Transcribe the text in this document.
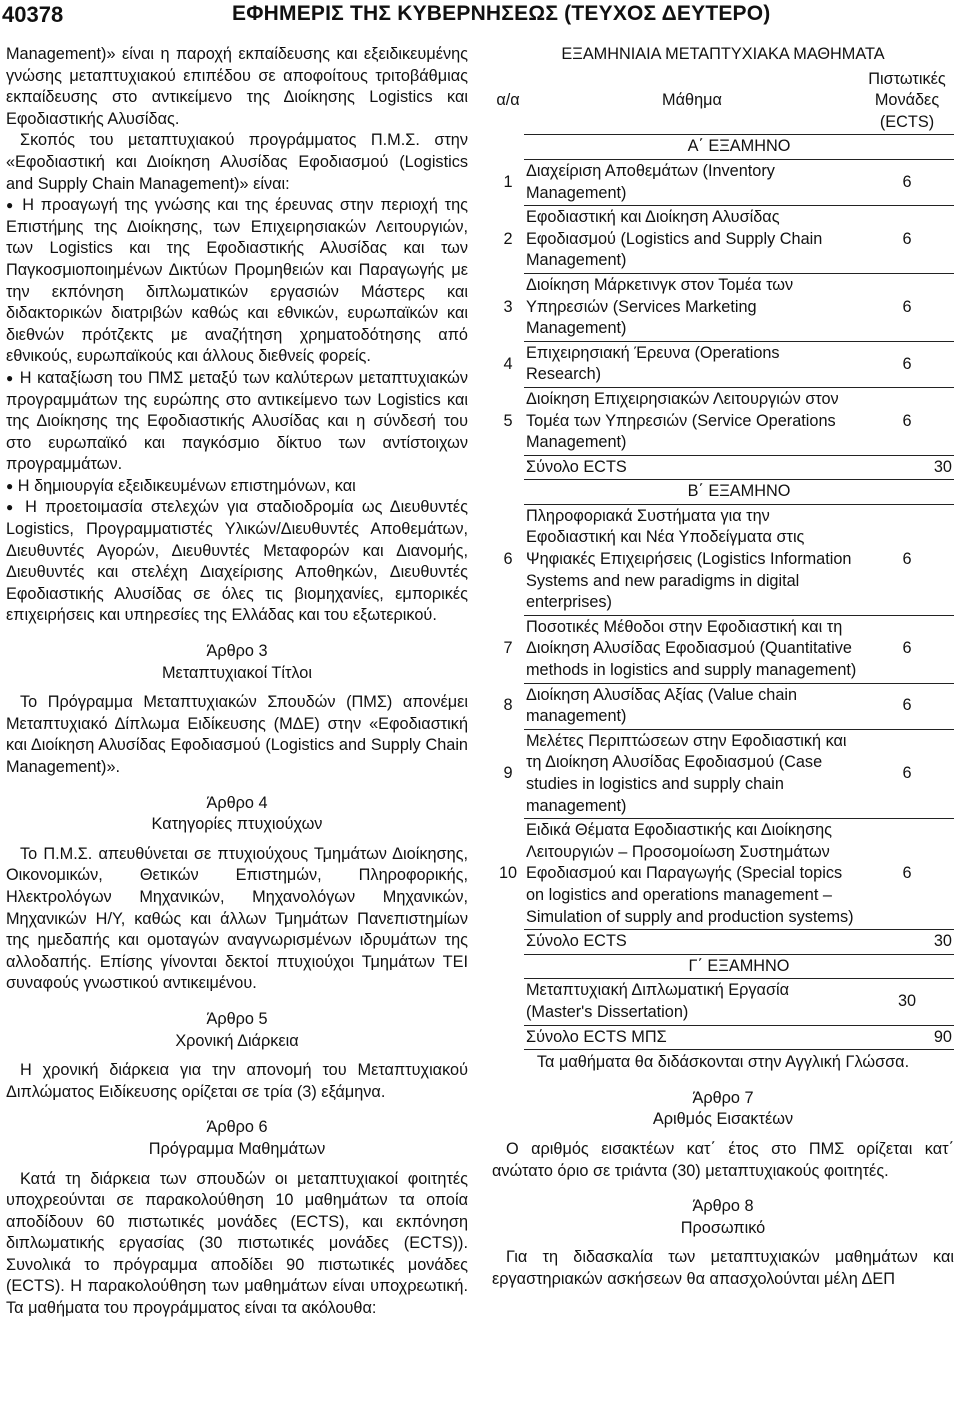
40378	ΕΦΗΜΕΡΙΣ ΤΗΣ ΚΥΒΕΡΝΗΣΕΩΣ (ΤΕΥΧΟΣ ΔΕΥΤΕΡΟ)

Management)» είναι η παροχή εκπαίδευσης και εξειδικευμένης γνώσης μεταπτυχιακού επιπέδου σε αποφοίτους τριτοβάθμιας εκπαίδευσης στο αντικείμενο της Διοίκησης Logistics και Εφοδιαστικής Αλυσίδας.

Σκοπός του μεταπτυχιακού προγράμματος Π.Μ.Σ. στην «Εφοδιαστική και Διοίκηση Αλυσίδας Εφοδιασμού (Logistics and Supply Chain Management)» είναι:

● Η προαγωγή της γνώσης και της έρευνας στην περιοχή της Επιστήμης της Διοίκησης, των Επιχειρησιακών Λειτουργιών, των Logistics και της Εφοδιαστικής Αλυσίδας και των Παγκοσμιοποιημένων Δικτύων Προμηθειών και Παραγωγής με την εκπόνηση διπλωματικών εργασιών Μάστερς και διδακτορικών διατριβών καθώς και εθνικών, ευρωπαϊκών και διεθνών πρότζεκτς με αναζήτηση χρηματοδότησης από εθνικούς, ευρωπαϊκούς και άλλους διεθνείς φορείς.

● Η καταξίωση του ΠΜΣ μεταξύ των καλύτερων μεταπτυχιακών προγραμμάτων της ευρώπης στο αντικείμενο των Logistics και της Διοίκησης της Εφοδιαστικής Αλυσίδας και η σύνδεσή του στο ευρωπαϊκό και παγκόσμιο δίκτυο των αντίστοιχων προγραμμάτων.

● Η δημιουργία εξειδικευμένων επιστημόνων, και

● Η προετοιμασία στελεχών για σταδιοδρομία ως Διευθυντές Logistics, Προγραμματιστές Υλικών/Διευθυντές Αποθεμάτων, Διευθυντές Αγορών, Διευθυντές Μεταφορών και Διανομής, Διευθυντές και στελέχη Διαχείρισης Αποθηκών, Διευθυντές Εφοδιαστικής Αλυσίδας σε όλες τις βιομηχανίες, εμπορικές επιχειρήσεις και υπηρεσίες της Ελλάδας και του εξωτερικού.

Άρθρο 3

Μεταπτυχιακοί Τίτλοι

Το Πρόγραμμα Μεταπτυχιακών Σπουδών (ΠΜΣ) απονέμει Μεταπτυχιακό Δίπλωμα Ειδίκευσης (ΜΔΕ) στην «Εφοδιαστική και Διοίκηση Αλυσίδας Εφοδιασμού (Logistics and Supply Chain Management)».

Άρθρο 4

Κατηγορίες πτυχιούχων

Το Π.Μ.Σ. απευθύνεται σε πτυχιούχους Τμημάτων Διοίκησης, Οικονομικών, Θετικών Επιστημών, Πληροφορικής, Ηλεκτρολόγων Μηχανικών, Μηχανολόγων Μηχανικών, Μηχανικών Η/Υ, καθώς και άλλων Τμημάτων Πανεπιστημίων της ημεδαπής και ομοταγών αναγνωρισμένων ιδρυμάτων της αλλοδαπής. Επίσης γίνονται δεκτοί πτυχιούχοι Τμημάτων ΤΕΙ συναφούς γνωστικού αντικειμένου.

Άρθρο 5

Χρονική Διάρκεια

Η χρονική διάρκεια για την απονομή του Μεταπτυχιακού Διπλώματος Ειδίκευσης ορίζεται σε τρία (3) εξάμηνα.

Άρθρο 6

Πρόγραμμα Μαθημάτων

Κατά τη διάρκεια των σπουδών οι μεταπτυχιακοί φοιτητές υποχρεούνται σε παρακολούθηση 10 μαθημάτων τα οποία αποδίδουν 60 πιστωτικές μονάδες (ECTS), και εκπόνηση διπλωματικής εργασίας (30 πιστωτικές μονάδες (ECTS)). Συνολικά το πρόγραμμα αποδίδει 90 πιστωτικές μονάδες (ECTS). Η παρακολούθηση των μαθημάτων είναι υποχρεωτική. Τα μαθήματα του προγράμματος είναι τα ακόλουθα:

ΕΞΑΜΗΝΙΑΙΑ ΜΕΤΑΠΤΥΧΙΑΚΑ ΜΑΘΗΜΑΤΑ

α/α	Μάθημα	Πιστωτικές Μονάδες (ECTS)
	Α΄ ΕΞΑΜΗΝΟ	
1	Διαχείριση Αποθεμάτων (Inventory Management)	6
2	Εφοδιαστική και Διοίκηση Αλυσίδας Εφοδιασμού (Logistics and Supply Chain Management)	6
3	Διοίκηση Μάρκετινγκ στον Τομέα των Υπηρεσιών (Services Marketing Management)	6
4	Επιχειρησιακή Έρευνα (Operations Research)	6
5	Διοίκηση Επιχειρησιακών Λειτουργιών στον Τομέα των Υπηρεσιών (Service Operations Management)	6
	Σύνολο ECTS	30
	Β΄ ΕΞΑΜΗΝΟ	
6	Πληροφοριακά Συστήματα για την Εφοδιαστική και Νέα Υποδείγματα στις Ψηφιακές Επιχειρήσεις (Logistics Information Systems and new paradigms in digital enterprises)	6
7	Ποσοτικές Μέθοδοι στην Εφοδιαστική και τη Διοίκηση Αλυσίδας Εφοδιασμού (Quantitative methods in logistics and supply management)	6
8	Διοίκηση Αλυσίδας Αξίας (Value chain management)	6
9	Μελέτες Περιπτώσεων στην Εφοδιαστική και τη Διοίκηση Αλυσίδας Εφοδιασμού (Case studies in logistics and supply chain management)	6
10	Ειδικά Θέματα Εφοδιαστικής και Διοίκησης Λειτουργιών – Προσομοίωση Συστημάτων Εφοδιασμού και Παραγωγής (Special topics on logistics and operations management – Simulation of supply and production systems)	6
	Σύνολο ECTS	30
	Γ΄ ΕΞΑΜΗΝΟ	
	Μεταπτυχιακή Διπλωματική Εργασία (Master's Dissertation)	30
	Σύνολο ECTS ΜΠΣ	90

Τα μαθήματα θα διδάσκονται στην Αγγλική Γλώσσα.

Άρθρο 7

Αριθμός Εισακτέων

Ο αριθμός εισακτέων κατ΄ έτος στο ΠΜΣ ορίζεται κατ΄ ανώτατο όριο σε τριάντα (30) μεταπτυχιακούς φοιτητές.

Άρθρο 8

Προσωπικό

Για τη διδασκαλία των μεταπτυχιακών μαθημάτων και εργαστηριακών ασκήσεων θα απασχολούνται μέλη ΔΕΠ
